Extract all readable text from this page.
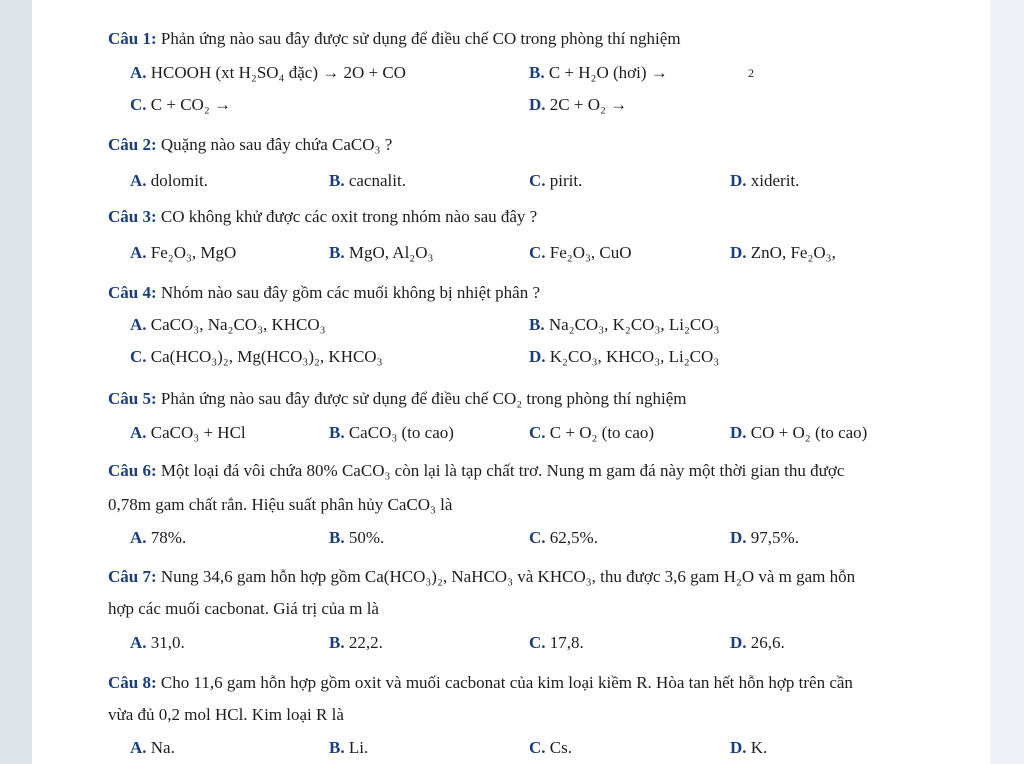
Câu 1: Phản ứng nào sau đây được sử dụng để điều chế CO trong phòng thí nghiệm
A. HCOOH (xt H₂SO₄ đặc) → 2O + CO	B. C + H₂O (hơi) →	2
C. C + CO₂ →	D. 2C + O₂ →
Câu 2: Quặng nào sau đây chứa CaCO₃ ?
A. dolomit.	B. cacnalit.	C. pirit.	D. xiderit.
Câu 3: CO không khử được các oxit trong nhóm nào sau đây ?
A. Fe₂O₃, MgO	B. MgO, Al₂O₃	C. Fe₂O₃, CuO	D. ZnO, Fe₂O₃,
Câu 4: Nhóm nào sau đây gồm các muối không bị nhiệt phân ?
A. CaCO₃, Na₂CO₃, KHCO₃	B. Na₂CO₃, K₂CO₃, Li₂CO₃
C. Ca(HCO₃)₂, Mg(HCO₃)₂, KHCO₃	D. K₂CO₃, KHCO₃, Li₂CO₃
Câu 5: Phản ứng nào sau đây được sử dụng để điều chế CO₂ trong phòng thí nghiệm
A. CaCO₃ + HCl	B. CaCO₃ (to cao)	C. C + O₂ (to cao)	D. CO + O₂ (to cao)
Câu 6: Một loại đá vôi chứa 80% CaCO₃ còn lại là tạp chất trơ. Nung m gam đá này một thời gian thu được
0,78m gam chất rắn. Hiệu suất phân hủy CaCO₃ là
A. 78%.	B. 50%.	C. 62,5%.	D. 97,5%.
Câu 7: Nung 34,6 gam hỗn hợp gồm Ca(HCO₃)₂, NaHCO₃ và KHCO₃, thu được 3,6 gam H₂O và m gam hỗn
hợp các muối cacbonat. Giá trị của m là
A. 31,0.	B. 22,2.	C. 17,8.	D. 26,6.
Câu 8: Cho 11,6 gam hỗn hợp gồm oxit và muối cacbonat của kim loại kiềm R. Hòa tan hết hỗn hợp trên cần
vừa đủ 0,2 mol HCl. Kim loại R là
A. Na.	B. Li.	C. Cs.	D. K.
